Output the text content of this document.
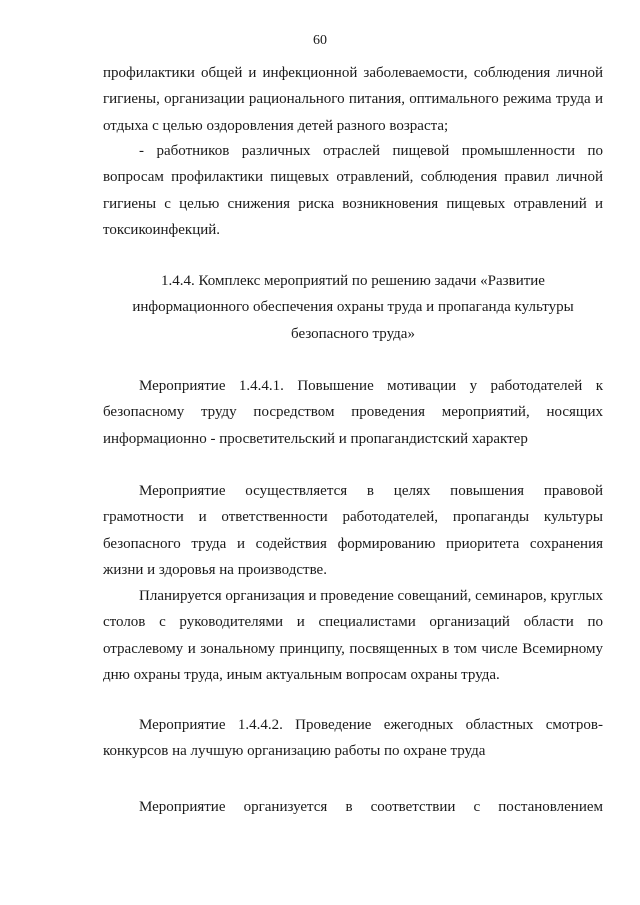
60

профилактики общей и инфекционной заболеваемости, соблюдения личной гигиены, организации рационального питания, оптимального режима труда и отдыха с целью оздоровления детей разного возраста;

- работников различных отраслей пищевой промышленности по вопросам профилактики пищевых отравлений, соблюдения правил личной гигиены с целью снижения риска возникновения пищевых отравлений и токсикоинфекций.

1.4.4. Комплекс мероприятий по решению задачи «Развитие информационного обеспечения охраны труда и пропаганда культуры безопасного труда»

Мероприятие 1.4.4.1. Повышение мотивации у работодателей к безопасному труду посредством проведения мероприятий, носящих информационно - просветительский и пропагандистский характер

Мероприятие осуществляется в целях повышения правовой грамотности и ответственности работодателей, пропаганды культуры безопасного труда и содействия формированию приоритета сохранения жизни и здоровья на производстве.

Планируется организация и проведение совещаний, семинаров, круглых столов с руководителями и специалистами организаций области по отраслевому и зональному принципу, посвященных в том числе Всемирному дню охраны труда, иным актуальным вопросам охраны труда.

Мероприятие 1.4.4.2. Проведение ежегодных областных смотров-конкурсов на лучшую организацию работы по охране труда

Мероприятие организуется в соответствии с постановлением
